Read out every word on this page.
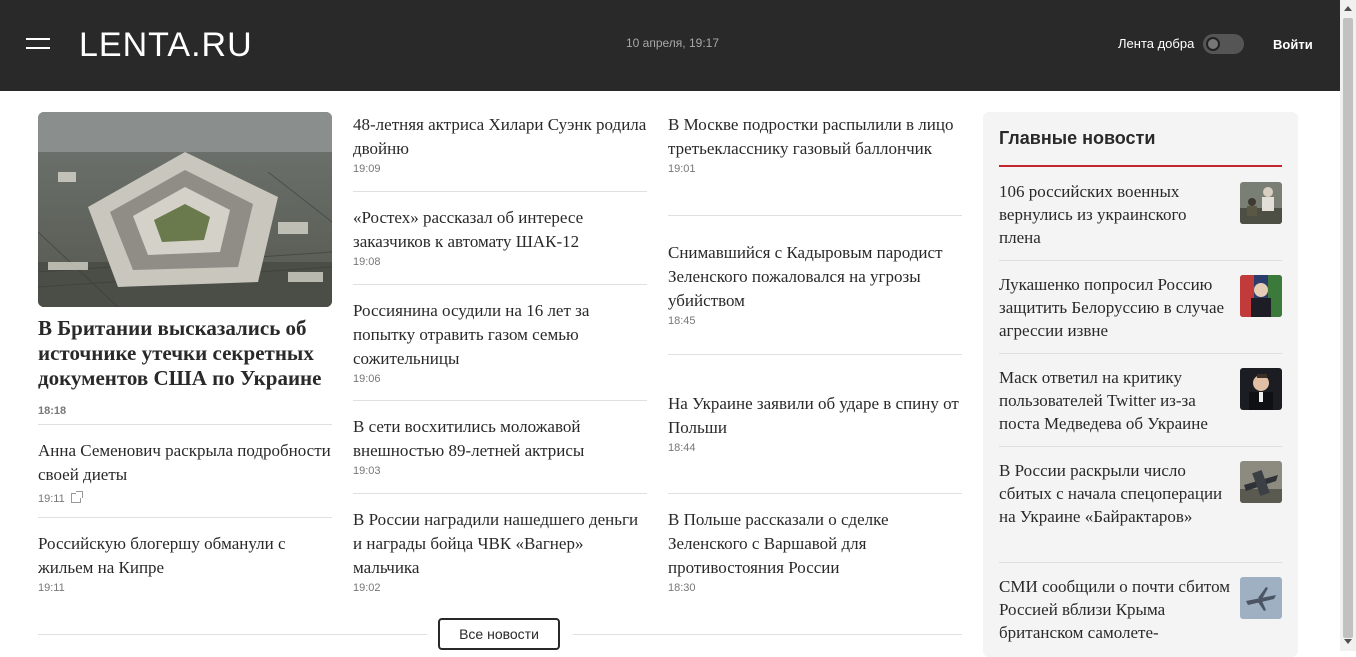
LENTA.RU	10 апреля, 19:17	Лента добра	Войти
В Британии высказались об источнике утечки секретных документов США по Украине
18:18
Анна Семенович раскрыла подробности своей диеты
19:11
Российскую блогершу обманули с жильем на Кипре
19:11
48-летняя актриса Хилари Суэнк родила двойню
19:09
«Ростех» рассказал об интересе заказчиков к автомату ШАК-12
19:08
Россиянина осудили на 16 лет за попытку отравить газом семью сожительницы
19:06
В сети восхитились моложавой внешностью 89-летней актрисы
19:03
В России наградили нашедшего деньги и награды бойца ЧВК «Вагнер» мальчика
19:02
В Москве подростки распылили в лицо третьекласснику газовый баллончик
19:01
Снимавшийся с Кадыровым пародист Зеленского пожаловался на угрозы убийством
18:45
На Украине заявили об ударе в спину от Польши
18:44
В Польше рассказали о сделке Зеленского с Варшавой для противостояния России
18:30
Все новости
Главные новости
106 российских военных вернулись из украинского плена
Лукашенко попросил Россию защитить Белоруссию в случае агрессии извне
Маск ответил на критику пользователей Twitter из-за поста Медведева об Украине
В России раскрыли число сбитых с начала спецоперации на Украине «Байрактаров»
СМИ сообщили о почти сбитом Россией вблизи Крыма британском самолете-
